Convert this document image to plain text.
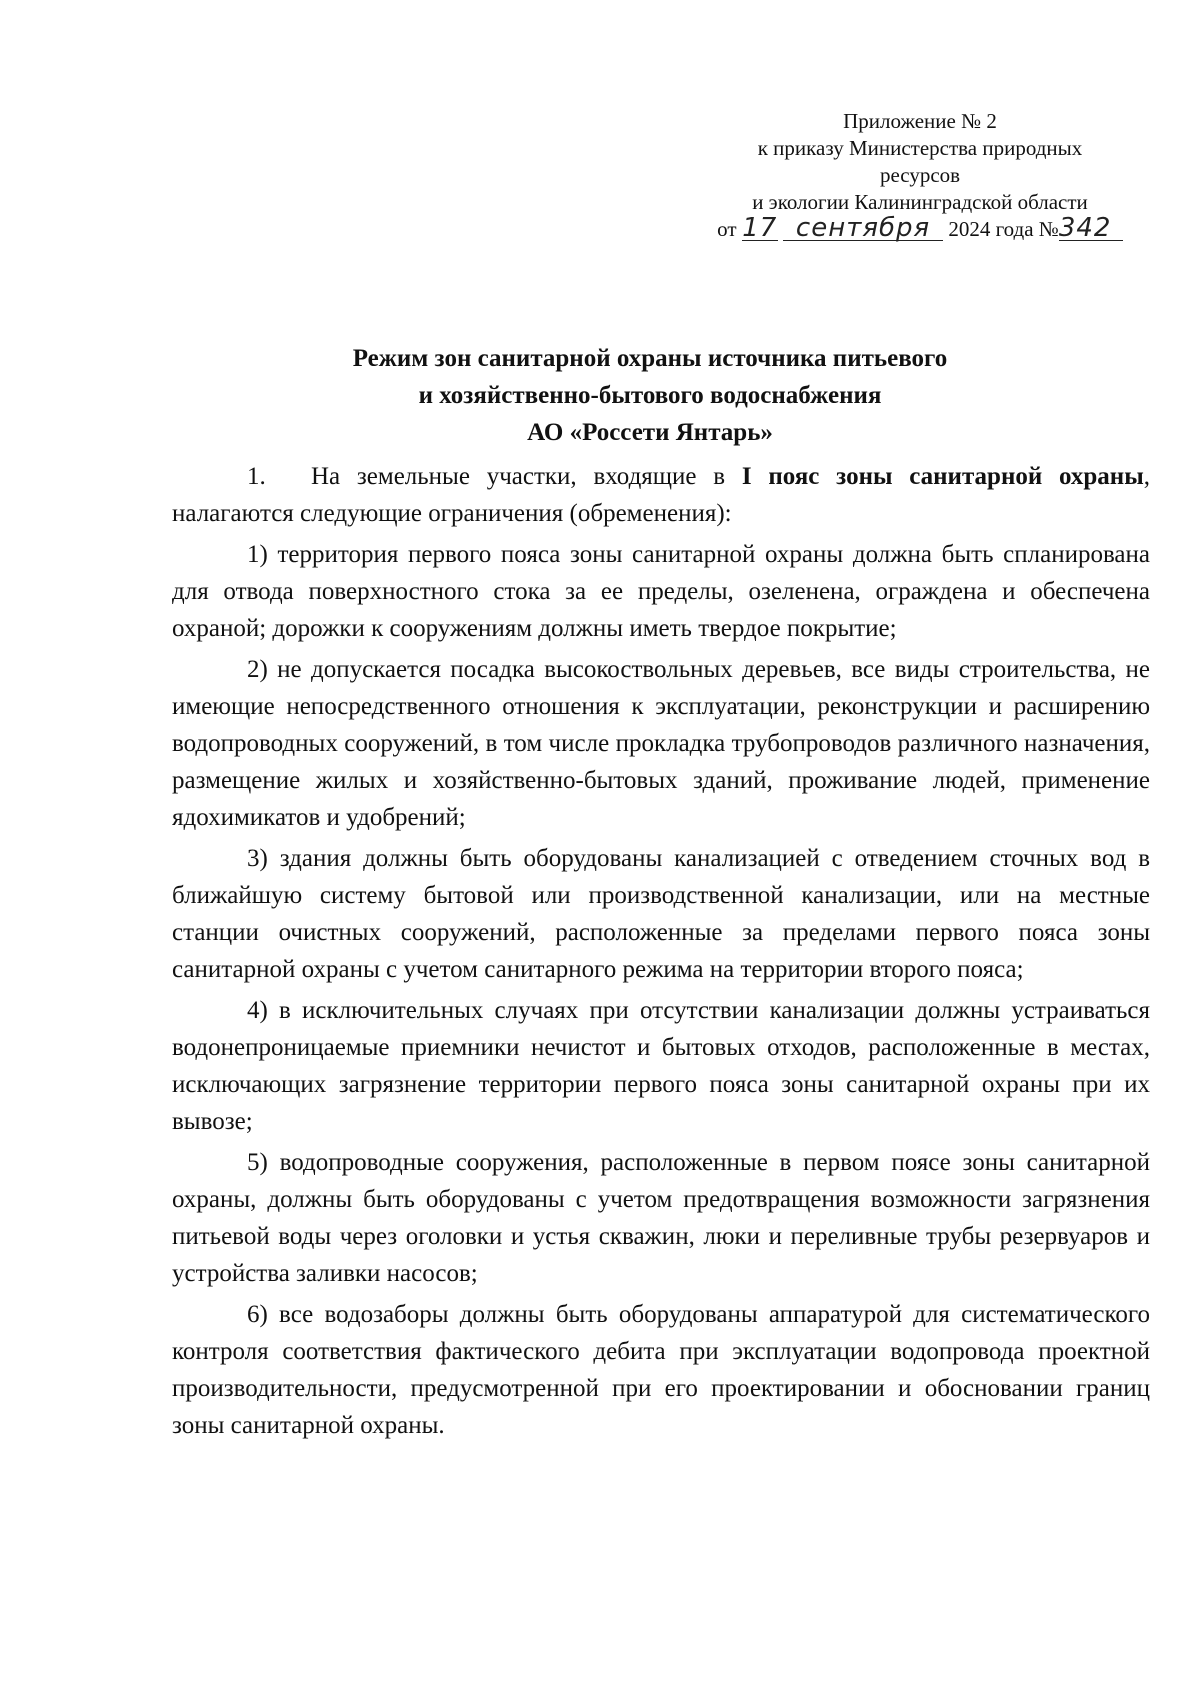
Приложение № 2
к приказу Министерства природных
ресурсов
и экологии Калининградской области
от 17 сентября 2024 года №342
Режим зон санитарной охраны источника питьевого
и хозяйственно-бытового водоснабжения
АО «Россети Янтарь»

1. На земельные участки, входящие в I пояс зоны санитарной охраны, налагаются следующие ограничения (обременения):

1) территория первого пояса зоны санитарной охраны должна быть спланирована для отвода поверхностного стока за ее пределы, озеленена, ограждена и обеспечена охраной; дорожки к сооружениям должны иметь твердое покрытие;

2) не допускается посадка высокоствольных деревьев, все виды строительства, не имеющие непосредственного отношения к эксплуатации, реконструкции и расширению водопроводных сооружений, в том числе прокладка трубопроводов различного назначения, размещение жилых и хозяйственно-бытовых зданий, проживание людей, применение ядохимикатов и удобрений;

3) здания должны быть оборудованы канализацией с отведением сточных вод в ближайшую систему бытовой или производственной канализации, или на местные станции очистных сооружений, расположенные за пределами первого пояса зоны санитарной охраны с учетом санитарного режима на территории второго пояса;

4) в исключительных случаях при отсутствии канализации должны устраиваться водонепроницаемые приемники нечистот и бытовых отходов, расположенные в местах, исключающих загрязнение территории первого пояса зоны санитарной охраны при их вывозе;

5) водопроводные сооружения, расположенные в первом поясе зоны санитарной охраны, должны быть оборудованы с учетом предотвращения возможности загрязнения питьевой воды через оголовки и устья скважин, люки и переливные трубы резервуаров и устройства заливки насосов;

6) все водозаборы должны быть оборудованы аппаратурой для систематического контроля соответствия фактического дебита при эксплуатации водопровода проектной производительности, предусмотренной при его проектировании и обосновании границ зоны санитарной охраны.
